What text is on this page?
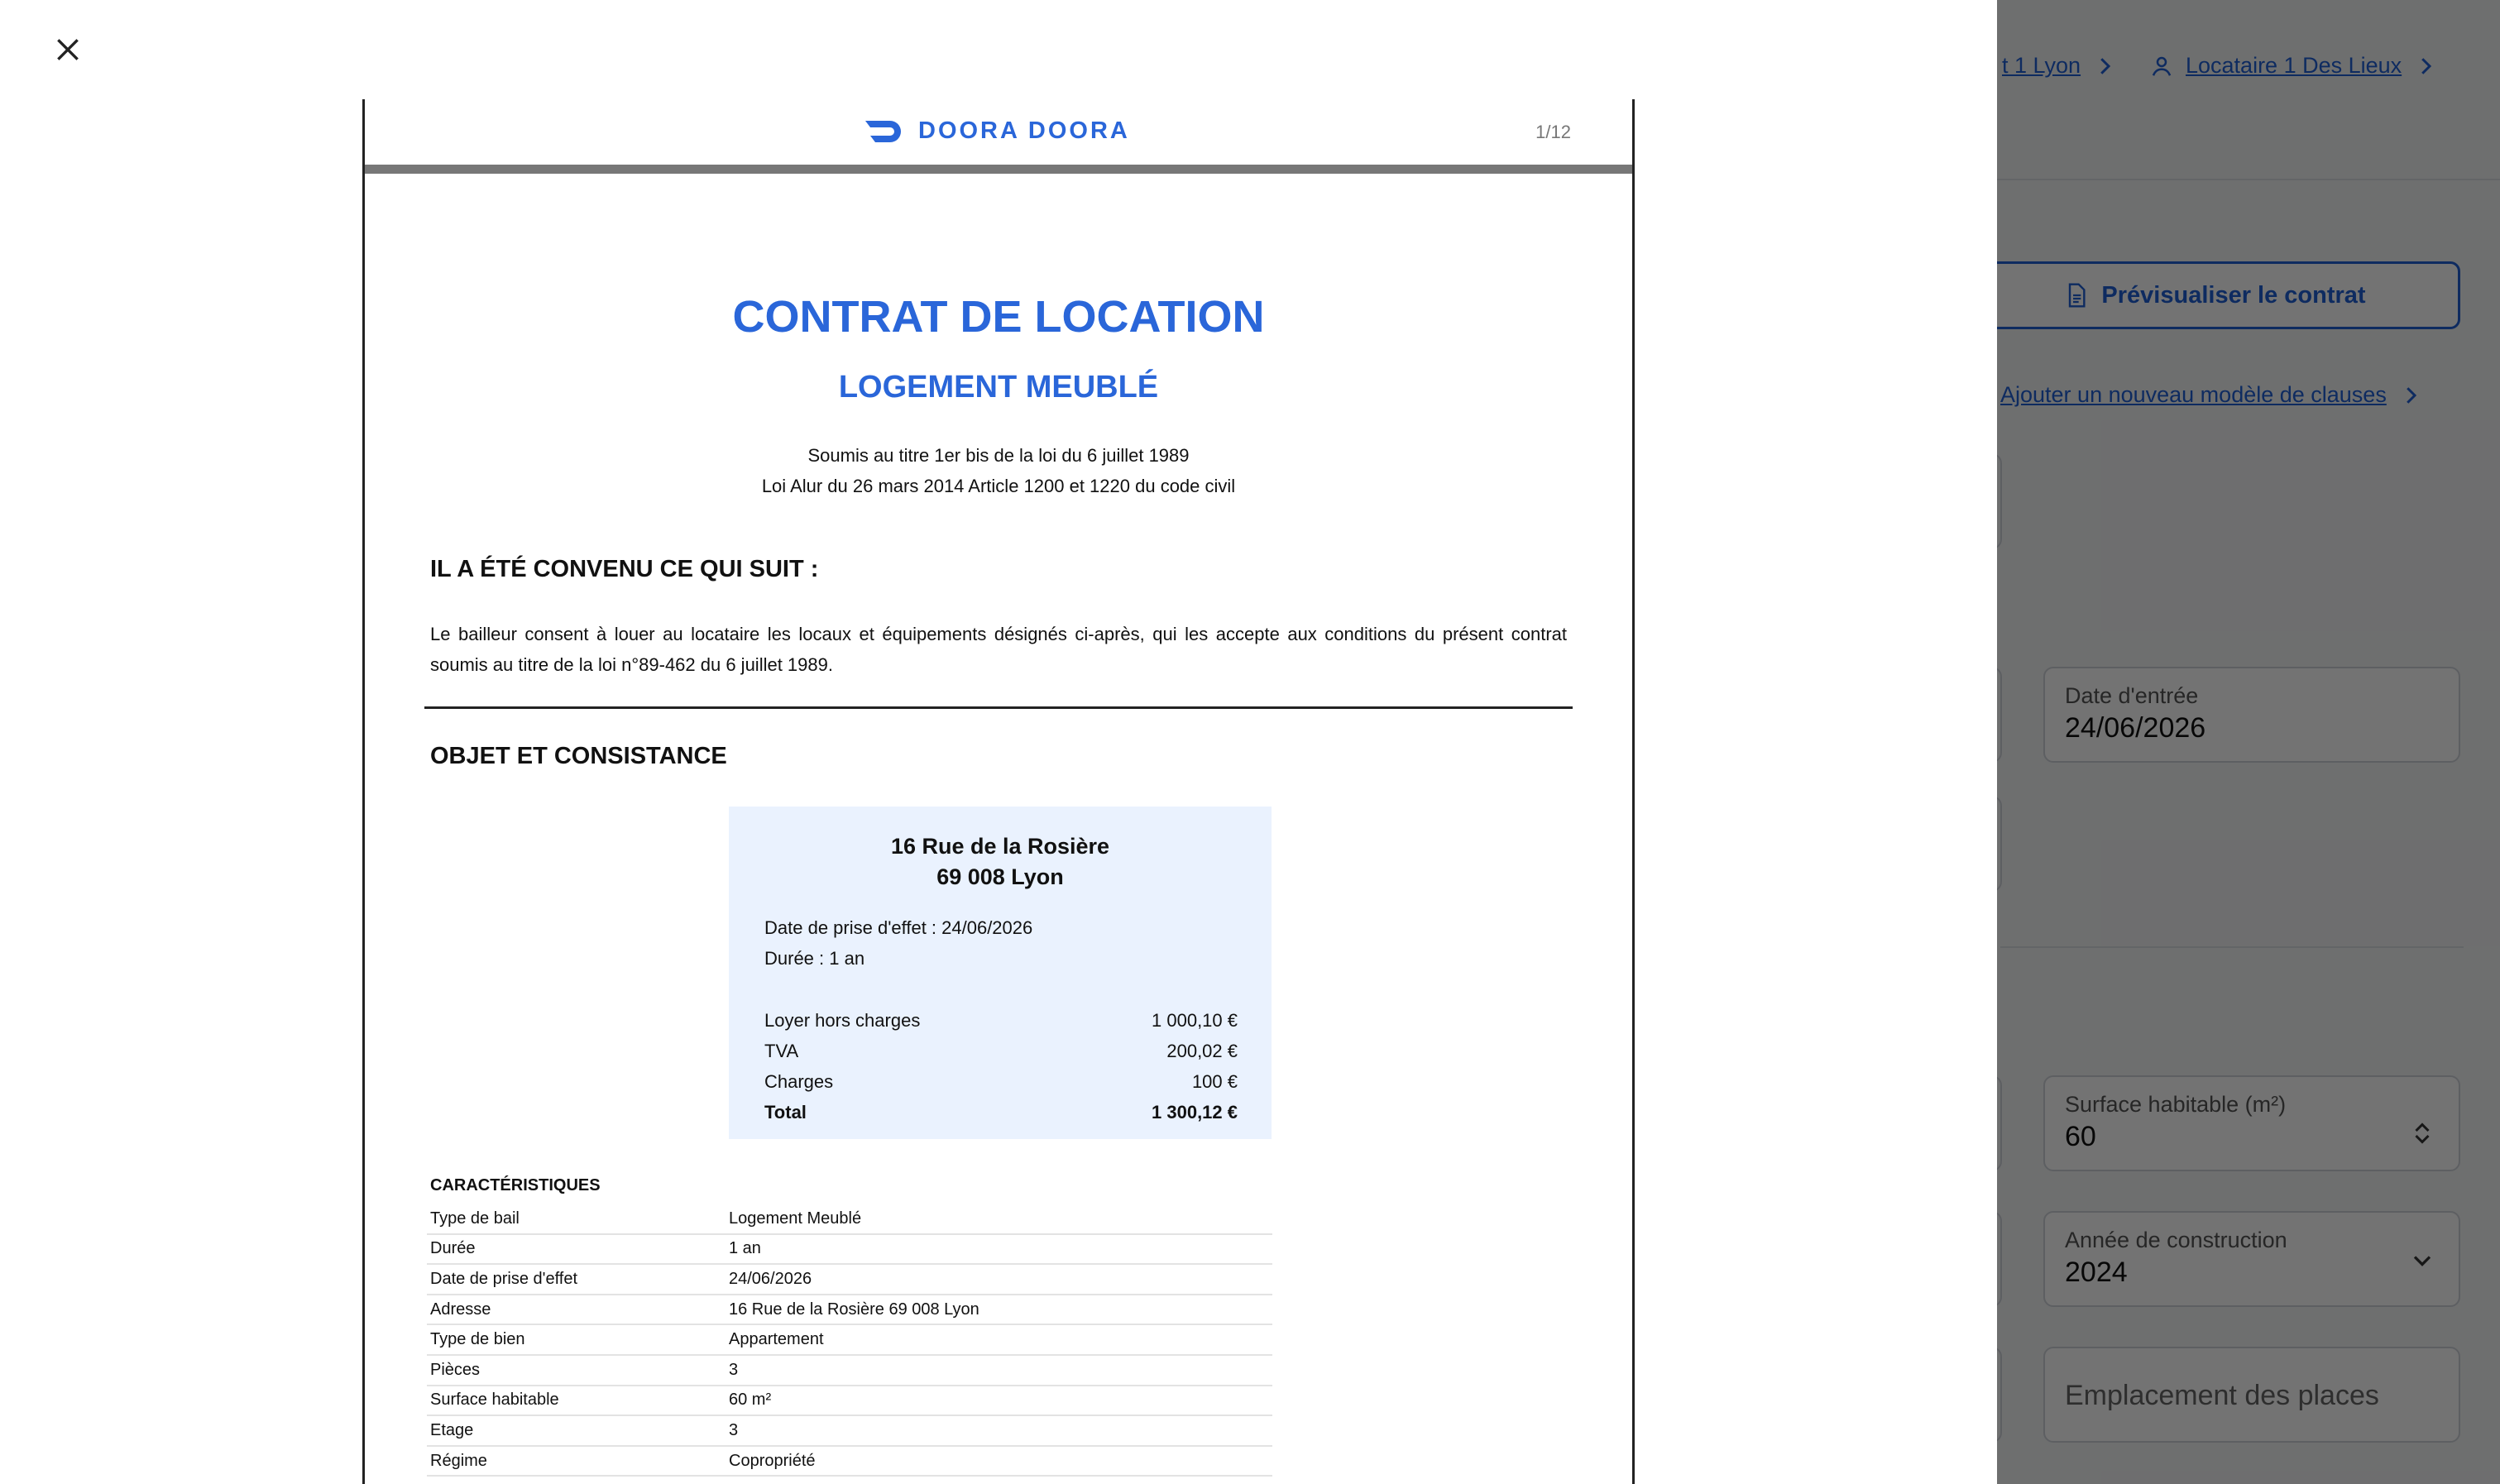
DOORA DOORA	1/12
CONTRAT DE LOCATION
LOGEMENT MEUBLÉ
Soumis au titre 1er bis de la loi du 6 juillet 1989
Loi Alur du 26 mars 2014 Article 1200 et 1220 du code civil
IL A ÉTÉ CONVENU CE QUI SUIT :
Le bailleur consent à louer au locataire les locaux et équipements désignés ci-après, qui les accepte aux conditions du présent contrat soumis au titre de la loi n°89-462 du 6 juillet 1989.
OBJET ET CONSISTANCE
16 Rue de la Rosière
69 008 Lyon
Date de prise d'effet : 24/06/2026
Durée : 1 an
Loyer hors charges	1 000,10 €
TVA	200,02 €
Charges	100 €
Total	1 300,12 €
CARACTÉRISTIQUES
Type de bail	Logement Meublé
Durée	1 an
Date de prise d'effet	24/06/2026
Adresse	16 Rue de la Rosière 69 008 Lyon
Type de bien	Appartement
Pièces	3
Surface habitable	60 m²
Etage	3
Régime	Copropriété
